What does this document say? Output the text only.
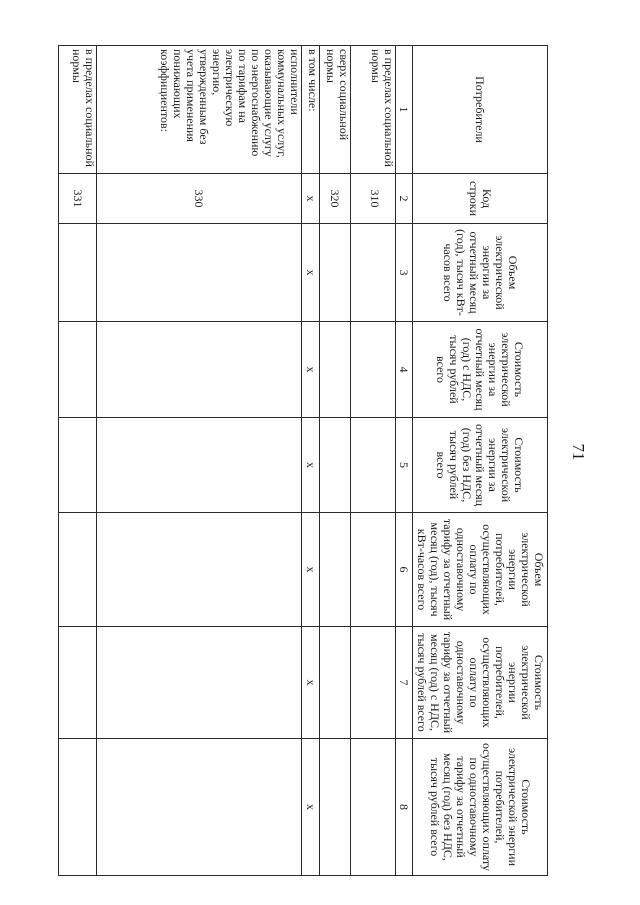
71
Потребители	Код строки	Объем электрической энергии за отчетный месяц (год), тысяч кВт-часов всего	Стоимость электрической энергии за отчетный месяц (год) с НДС, тысяч рублей всего	Стоимость электрической энергии за отчетный месяц (год) без НДС, тысяч рублей всего	Объем электрической энергии потребителей, осуществляющих оплату по одноставочному тарифу за отчетный месяц (год), тысяч кВт-часов всего	Стоимость электрической энергии потребителей, осуществляющих оплату по одноставочному тарифу за отчетный месяц (год) с НДС, тысяч рублей всего	Стоимость электрической энергии потребителей, осуществляющих оплату по одноставочному тарифу за отчетный месяц (год) без НДС, тысяч рублей всего
1	2	3	4	5	6	7	8
в пределах социальной нормы	310						
сверх социальной нормы	320						
в том числе:	x	x	x	x	x	x	x
исполнители коммунальных услуг, оказывающие услугу по энергоснабжению по тарифам на электрическую энергию, утвержденным без учета применения понижающих коэффициентов:	330						
в пределах социальной нормы	331						
